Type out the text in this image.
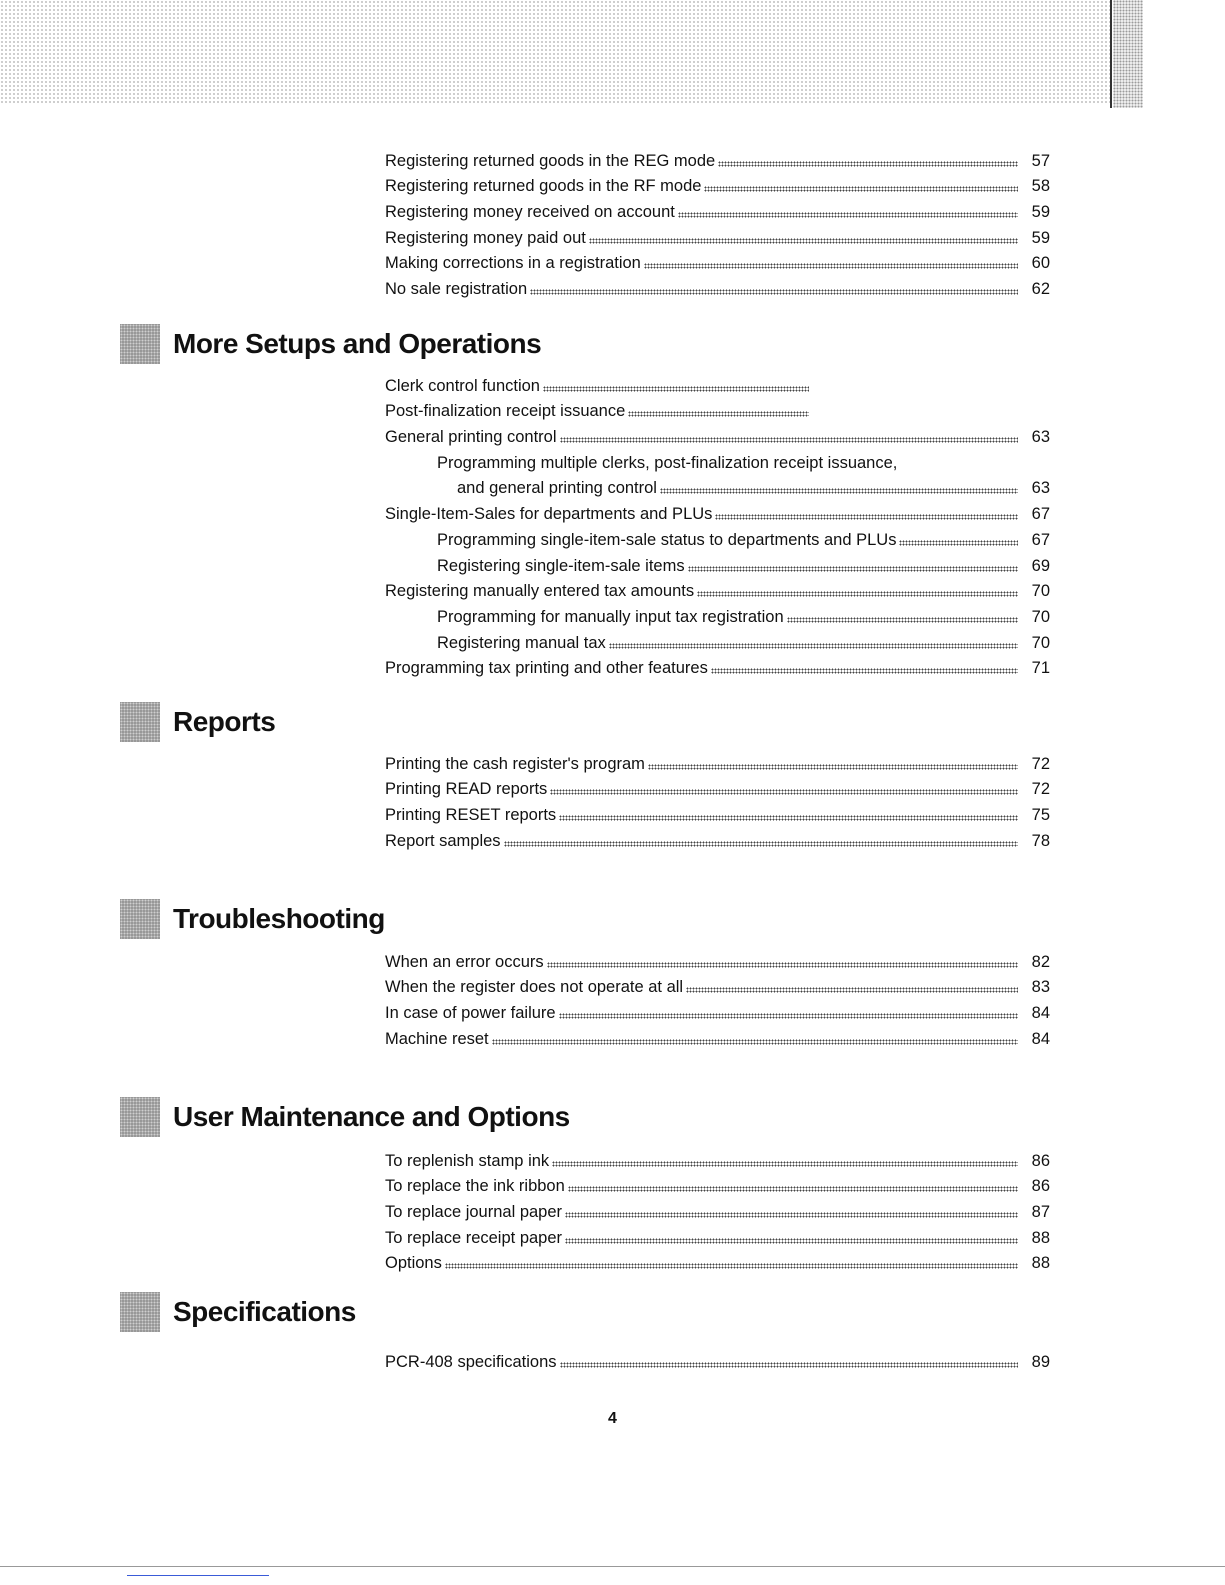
Registering returned goods in the REG mode	57
Registering returned goods in the RF mode	58
Registering money received on account	59
Registering money paid out	59
Making corrections in a registration	60
No sale registration	62
More Setups and Operations
Clerk control function
Post-finalization receipt issuance
General printing control	63
Programming multiple clerks, post-finalization receipt issuance,
and general printing control	63
Single-Item-Sales for departments and PLUs	67
Programming single-item-sale status to departments and PLUs	67
Registering single-item-sale items	69
Registering manually entered tax amounts	70
Programming for manually input tax registration	70
Registering manual tax	70
Programming tax printing and other features	71
Reports
Printing the cash register's program	72
Printing READ reports	72
Printing RESET reports	75
Report samples	78
Troubleshooting
When an error occurs	82
When the register does not operate at all	83
In case of power failure	84
Machine reset	84
User Maintenance and Options
To replenish stamp ink	86
To replace the ink ribbon	86
To replace journal paper	87
To replace receipt paper	88
Options	88
Specifications
PCR-408 specifications	89
4
